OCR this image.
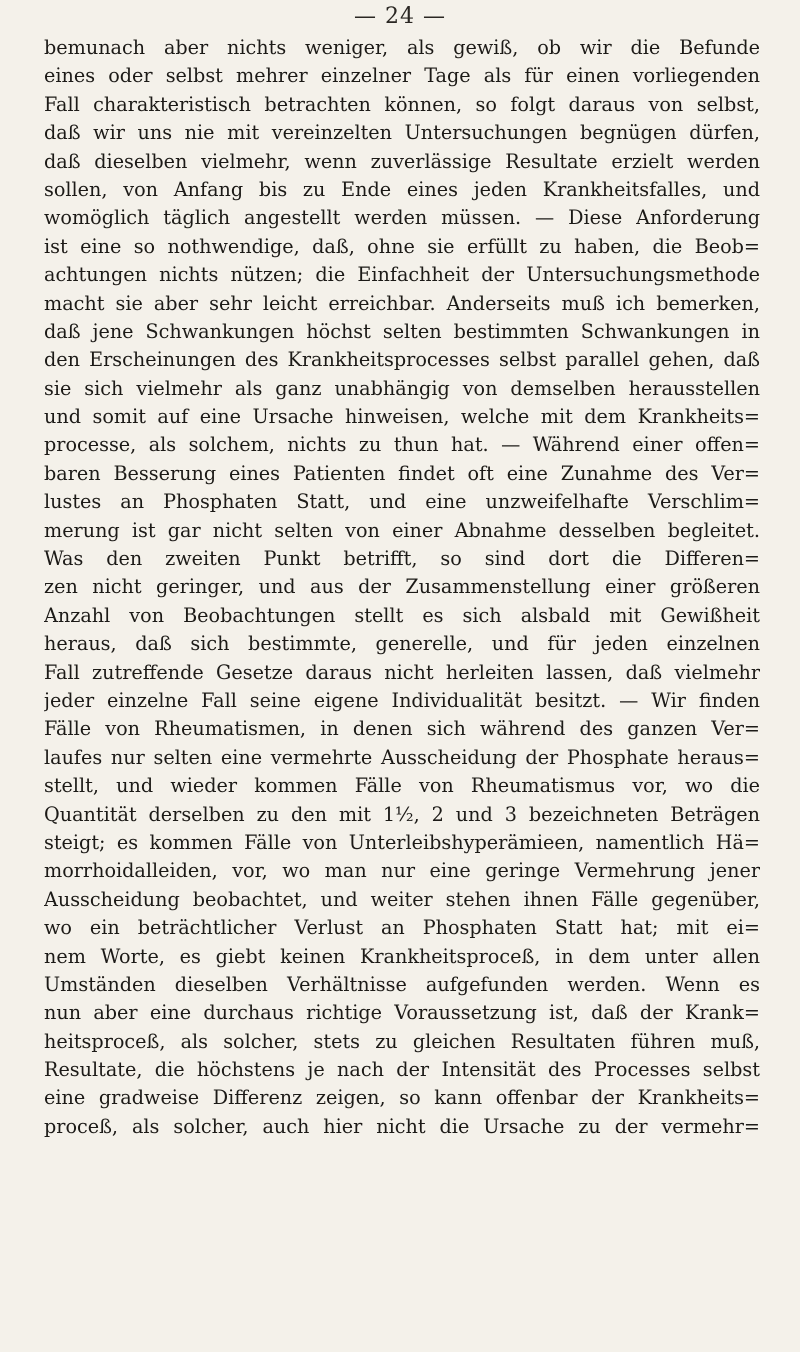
— 24 —
bemunach aber nichts weniger, als gewiß, ob wir die Befunde
eines oder selbst mehrer einzelner Tage als für einen vorliegenden
Fall charakteristisch betrachten können, so folgt daraus von selbst,
daß wir uns nie mit vereinzelten Untersuchungen begnügen dürfen,
daß dieselben vielmehr, wenn zuverlässige Resultate erzielt werden
sollen, von Anfang bis zu Ende eines jeden Krankheitsfalles, und
womöglich täglich angestellt werden müssen. — Diese Anforderung
ist eine so nothwendige, daß, ohne sie erfüllt zu haben, die Beob=
achtungen nichts nützen; die Einfachheit der Untersuchungsmethode
macht sie aber sehr leicht erreichbar. Anderseits muß ich bemerken,
daß jene Schwankungen höchst selten bestimmten Schwankungen in
den Erscheinungen des Krankheitsprocesses selbst parallel gehen, daß
sie sich vielmehr als ganz unabhängig von demselben herausstellen
und somit auf eine Ursache hinweisen, welche mit dem Krankheits=
processe, als solchem, nichts zu thun hat. — Während einer offen=
baren Besserung eines Patienten findet oft eine Zunahme des Ver=
lustes an Phosphaten Statt, und eine unzweifelhafte Verschlim=
merung ist gar nicht selten von einer Abnahme desselben begleitet.
Was den zweiten Punkt betrifft, so sind dort die Differen=
zen nicht geringer, und aus der Zusammenstellung einer größeren
Anzahl von Beobachtungen stellt es sich alsbald mit Gewißheit
heraus, daß sich bestimmte, generelle, und für jeden einzelnen
Fall zutreffende Gesetze daraus nicht herleiten lassen, daß vielmehr
jeder einzelne Fall seine eigene Individualität besitzt. — Wir finden
Fälle von Rheumatismen, in denen sich während des ganzen Ver=
laufes nur selten eine vermehrte Ausscheidung der Phosphate heraus=
stellt, und wieder kommen Fälle von Rheumatismus vor, wo die
Quantität derselben zu den mit 1½, 2 und 3 bezeichneten Beträgen
steigt; es kommen Fälle von Unterleibshyperämieen, namentlich Hä=
morrhoidalleiden, vor, wo man nur eine geringe Vermehrung jener
Ausscheidung beobachtet, und weiter stehen ihnen Fälle gegenüber,
wo ein beträchtlicher Verlust an Phosphaten Statt hat; mit ei=
nem Worte, es giebt keinen Krankheitsproceß, in dem unter allen
Umständen dieselben Verhältnisse aufgefunden werden. Wenn es
nun aber eine durchaus richtige Voraussetzung ist, daß der Krank=
heitsproceß, als solcher, stets zu gleichen Resultaten führen muß,
Resultate, die höchstens je nach der Intensität des Processes selbst
eine gradweise Differenz zeigen, so kann offenbar der Krankheits=
proceß, als solcher, auch hier nicht die Ursache zu der vermehr=
